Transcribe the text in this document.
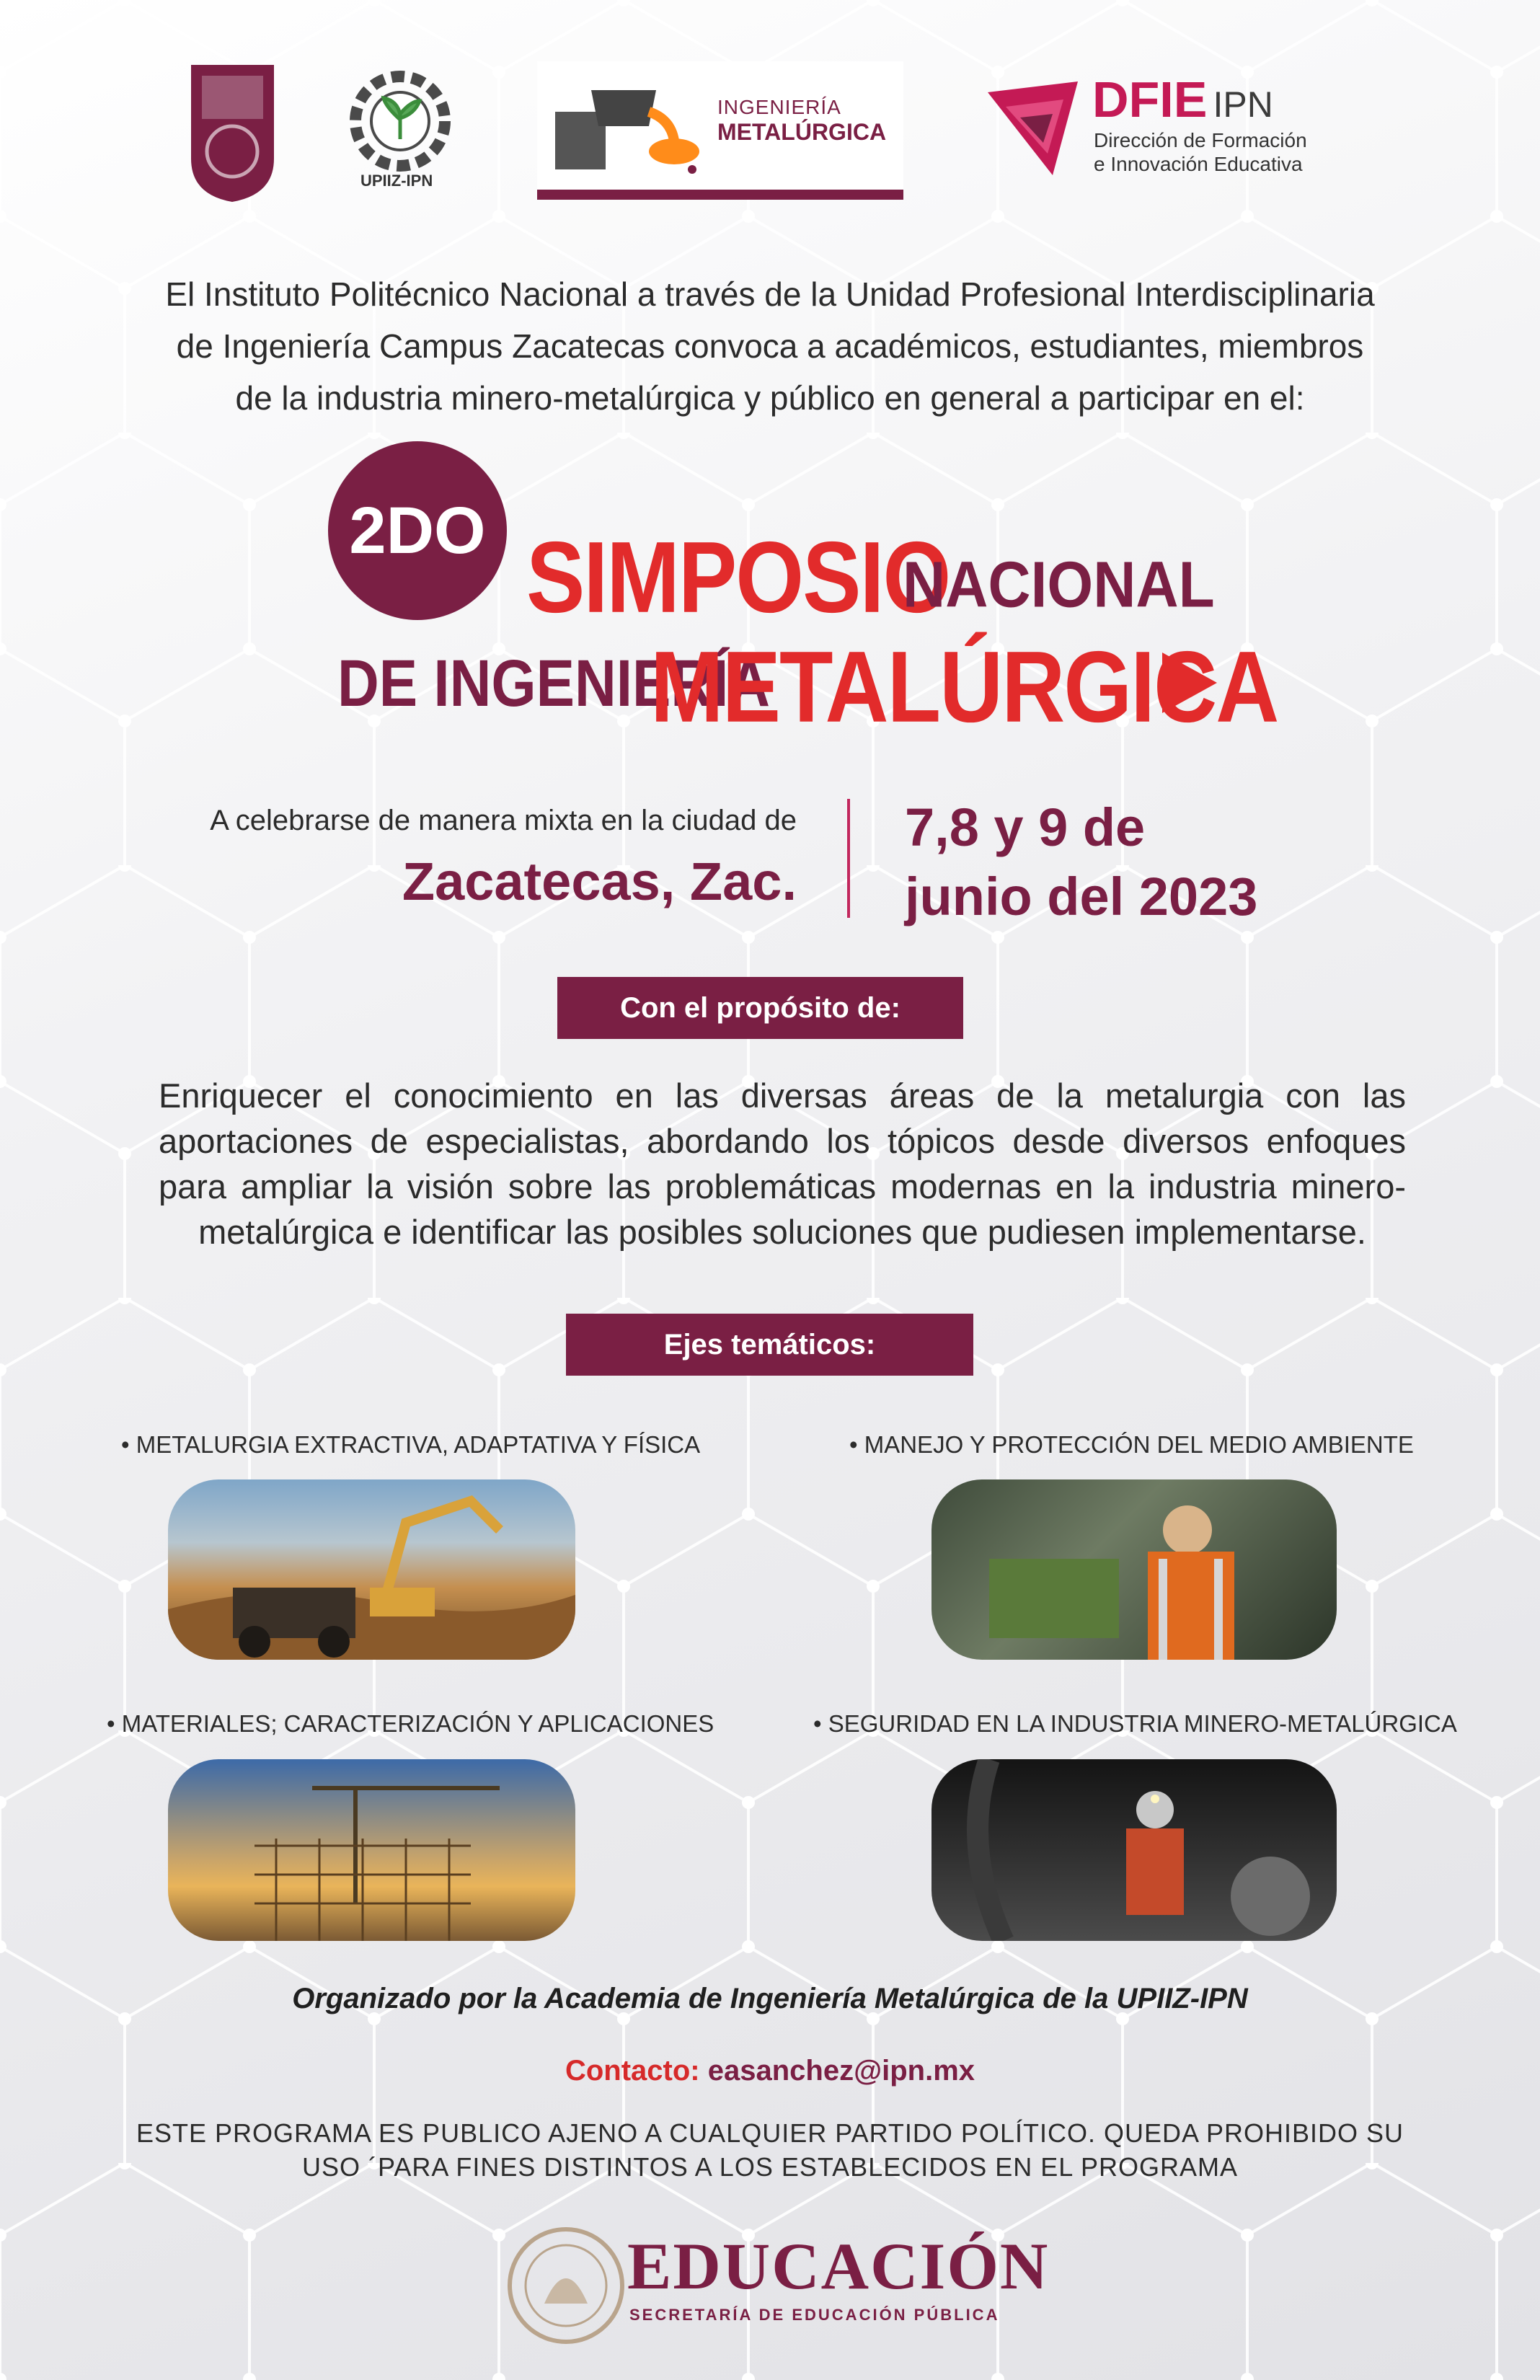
UPIIZ-IPN
INGENIERÍA
METALÚRGICA
DFIE IPN
Dirección de Formación
e Innovación Educativa
El Instituto Politécnico Nacional a través de la Unidad Profesional Interdisciplinaria
de Ingeniería Campus Zacatecas convoca a académicos, estudiantes, miembros
de la industria minero-metalúrgica y público en general a participar en el:
2DO SIMPOSIO
NACIONAL
DE INGENIERÍA
METALÚRGICA
A celebrarse de manera mixta en la ciudad de
Zacatecas, Zac.
7,8 y 9 de
junio del 2023
Con el propósito de:
Enriquecer el conocimiento en las diversas áreas de la metalurgia con las
aportaciones de especialistas, abordando los tópicos desde diversos enfoques
para ampliar la visión sobre las problemáticas modernas en la industria minero-
metalúrgica e identificar las posibles soluciones que pudiesen implementarse.
Ejes temáticos:
• METALURGIA EXTRACTIVA, ADAPTATIVA Y FÍSICA	• MANEJO Y PROTECCIÓN DEL MEDIO AMBIENTE
• MATERIALES; CARACTERIZACIÓN Y APLICACIONES	• SEGURIDAD EN LA INDUSTRIA MINERO-METALÚRGICA
Organizado por la Academia de Ingeniería Metalúrgica de la UPIIZ-IPN
Contacto: easanchez@ipn.mx
ESTE PROGRAMA ES PUBLICO AJENO A CUALQUIER PARTIDO POLÍTICO. QUEDA PROHIBIDO SU
USO ´PARA FINES DISTINTOS A LOS ESTABLECIDOS EN EL PROGRAMA
EDUCACIÓN
SECRETARÍA DE EDUCACIÓN PÚBLICA
